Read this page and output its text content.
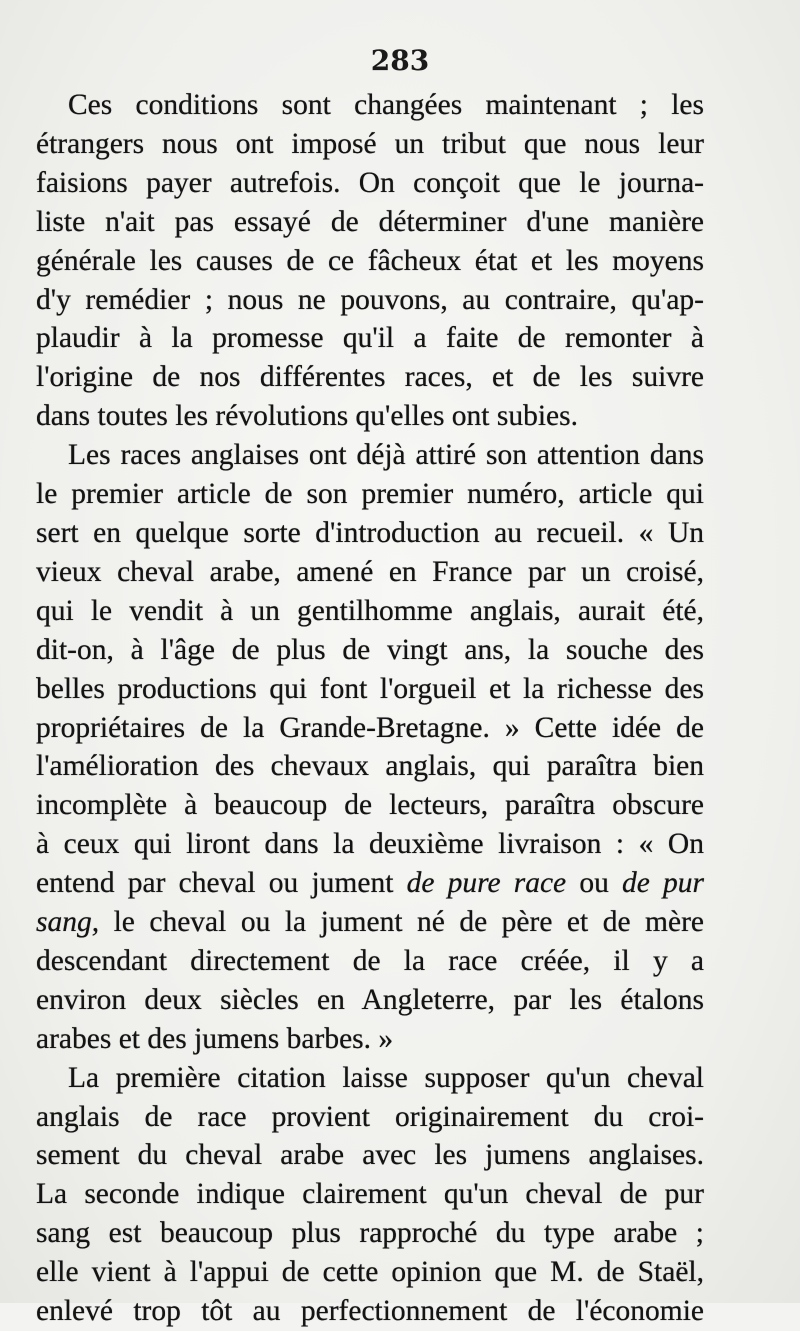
283

Ces conditions sont changées maintenant ; les
étrangers nous ont imposé un tribut que nous leur
faisions payer autrefois. On conçoit que le journa-
liste n'ait pas essayé de déterminer d'une manière
générale les causes de ce fâcheux état et les moyens
d'y remédier ; nous ne pouvons, au contraire, qu'ap-
plaudir à la promesse qu'il a faite de remonter à
l'origine de nos différentes races, et de les suivre
dans toutes les révolutions qu'elles ont subies.

Les races anglaises ont déjà attiré son attention dans
le premier article de son premier numéro, article qui
sert en quelque sorte d'introduction au recueil. « Un
vieux cheval arabe, amené en France par un croisé,
qui le vendit à un gentilhomme anglais, aurait été,
dit-on, à l'âge de plus de vingt ans, la souche des
belles productions qui font l'orgueil et la richesse des
propriétaires de la Grande-Bretagne. » Cette idée de
l'amélioration des chevaux anglais, qui paraîtra bien
incomplète à beaucoup de lecteurs, paraîtra obscure
à ceux qui liront dans la deuxième livraison : « On
entend par cheval ou jument de pure race ou de pur
sang, le cheval ou la jument né de père et de mère
descendant directement de la race créée, il y a
environ deux siècles en Angleterre, par les étalons
arabes et des jumens barbes. »

La première citation laisse supposer qu'un cheval
anglais de race provient originairement du croi-
sement du cheval arabe avec les jumens anglaises.
La seconde indique clairement qu'un cheval de pur
sang est beaucoup plus rapproché du type arabe ;
elle vient à l'appui de cette opinion que M. de Staël,
enlevé trop tôt au perfectionnement de l'économie
